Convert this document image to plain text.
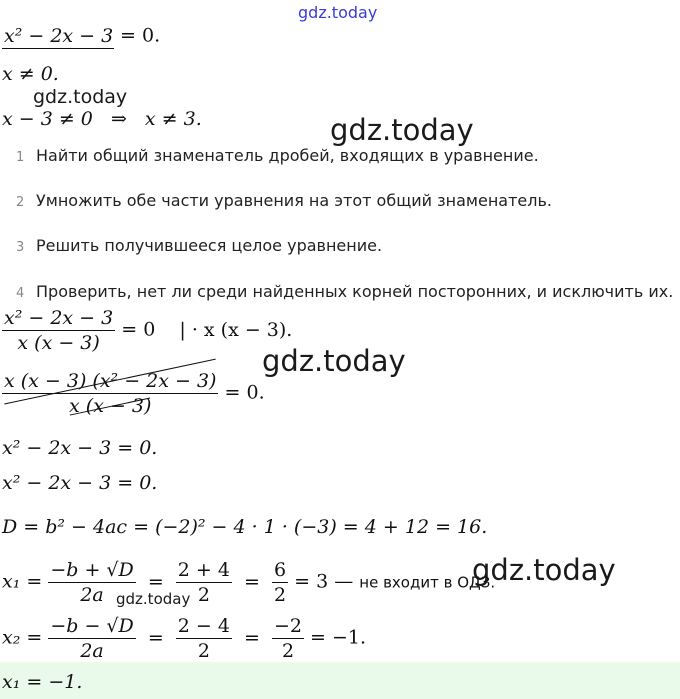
gdz.today
gdz.today
gdz.today
gdz.today
gdz.today
gdz.today
x² − 2x − 3 = 0.
x ≠ 0.
x − 3 ≠ 0 ⇒ x ≠ 3.
1 Найти общий знаменатель дробей, входящих в уравнение.
2 Умножить обе части уравнения на этот общий знаменатель.
3 Решить получившееся целое уравнение.
4 Проверить, нет ли среди найденных корней посторонних, и исключить их.
$\frac{\text{x² − 2x − 3}}{x (x - 3)} = 0$ | · x (x − 3).
$\frac{\text{x (x − 3) (x² − 2x − 3)}}{x (x - 3)} = 0$.
x² − 2x − 3 = 0.
x² − 2x − 3 = 0.
D = b² − 4ac = (−2)² − 4 · 1 · (−3) = 4 + 12 = 16.
$x_1 = \frac{-b + √D}{2a} = \frac{2 + 4}{2} = \frac{6}{2} = 3$ — не входит в ОДЗ.
$x_2 = \frac{-b - √D}{2a} = \frac{2 - 4}{2} = \frac{-2}{2} = -1$.
x₁ = −1.
